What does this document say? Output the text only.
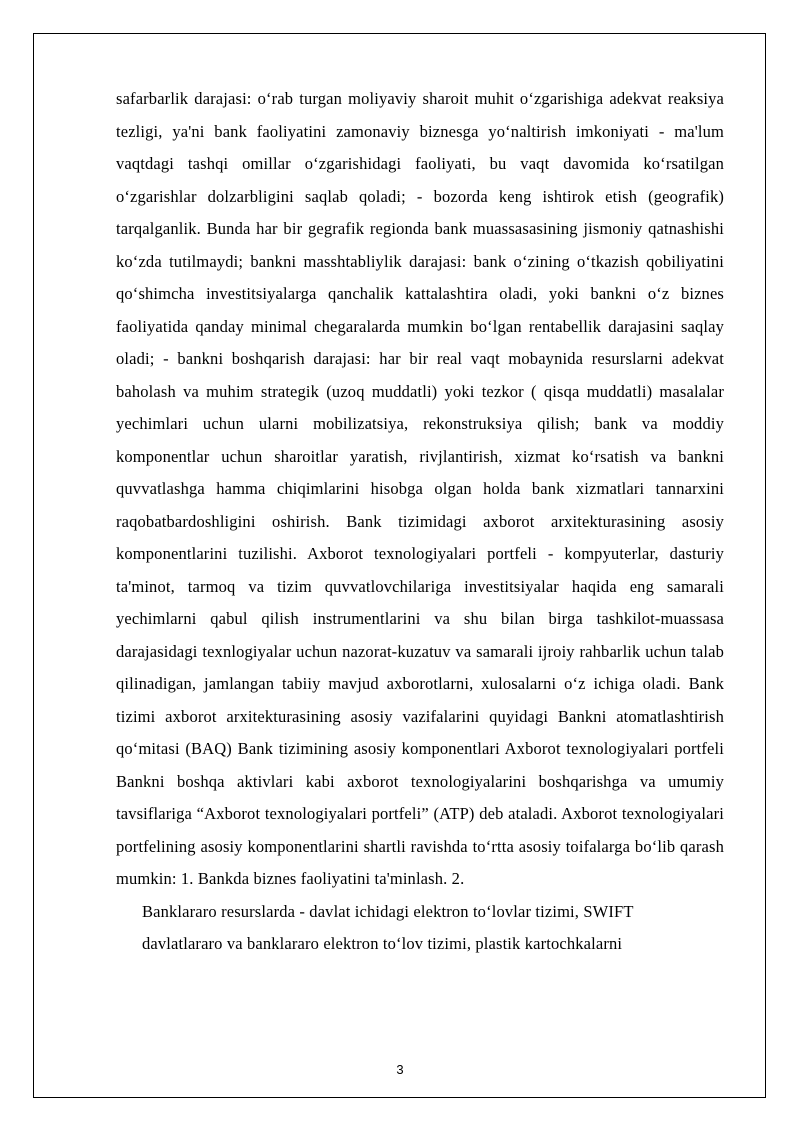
safarbarlik darajasi: o‘rab turgan moliyaviy sharoit muhit o‘zgarishiga adekvat reaksiya tezligi, ya'ni bank faoliyatini zamonaviy biznesga yo‘naltirish imkoniyati - ma'lum vaqtdagi tashqi omillar o‘zgarishidagi faoliyati, bu vaqt davomida ko‘rsatilgan o‘zgarishlar dolzarbligini saqlab qoladi; - bozorda keng ishtirok etish (geografik) tarqalganlik. Bunda har bir gegrafik regionda bank muassasasining jismoniy qatnashishi ko‘zda tutilmaydi; bankni masshtabliylik darajasi: bank o‘zining o‘tkazish qobiliyatini qo‘shimcha investitsiyalarga qanchalik kattalashtira oladi, yoki bankni o‘z biznes faoliyatida qanday minimal chegaralarda mumkin bo‘lgan rentabellik darajasini saqlay oladi; - bankni boshqarish darajasi: har bir real vaqt mobaynida resurslarni adekvat baholash va muhim strategik (uzoq muddatli) yoki tezkor ( qisqa muddatli) masalalar yechimlari uchun ularni mobilizatsiya, rekonstruksiya qilish; bank va moddiy komponentlar uchun sharoitlar yaratish, rivjlantirish, xizmat ko‘rsatish va bankni quvvatlashga hamma chiqimlarini hisobga olgan holda bank xizmatlari tannarxini raqobatbardoshligini oshirish. Bank tizimidagi axborot arxitekturasining asosiy komponentlarini tuzilishi. Axborot texnologiyalari portfeli - kompyuterlar, dasturiy ta'minot, tarmoq va tizim quvvatlovchilariga investitsiyalar haqida eng samarali yechimlarni qabul qilish instrumentlarini va shu bilan birga tashkilot-muassasa darajasidagi texnlogiyalar uchun nazorat-kuzatuv va samarali ijroiy rahbarlik uchun talab qilinadigan, jamlangan tabiiy mavjud axborotlarni, xulosalarni o‘z ichiga oladi. Bank tizimi axborot arxitekturasining asosiy vazifalarini quyidagi Bankni atomatlashtirish qo‘mitasi (BAQ) Bank tizimining asosiy komponentlari Axborot texnologiyalari portfeli Bankni boshqa aktivlari kabi axborot texnologiyalarini boshqarishga va umumiy tavsiflariga “Axborot texnologiyalari portfeli” (ATP) deb ataladi. Axborot texnologiyalari portfelining asosiy komponentlarini shartli ravishda to‘rtta asosiy toifalarga bo‘lib qarash mumkin: 1. Bankda biznes faoliyatini ta'minlash. 2.

Banklararo resurslarda - davlat ichidagi elektron to‘lovlar tizimi, SWIFT
davlatlararo va banklararo elektron to‘lov tizimi, plastik kartochkalarni

3
